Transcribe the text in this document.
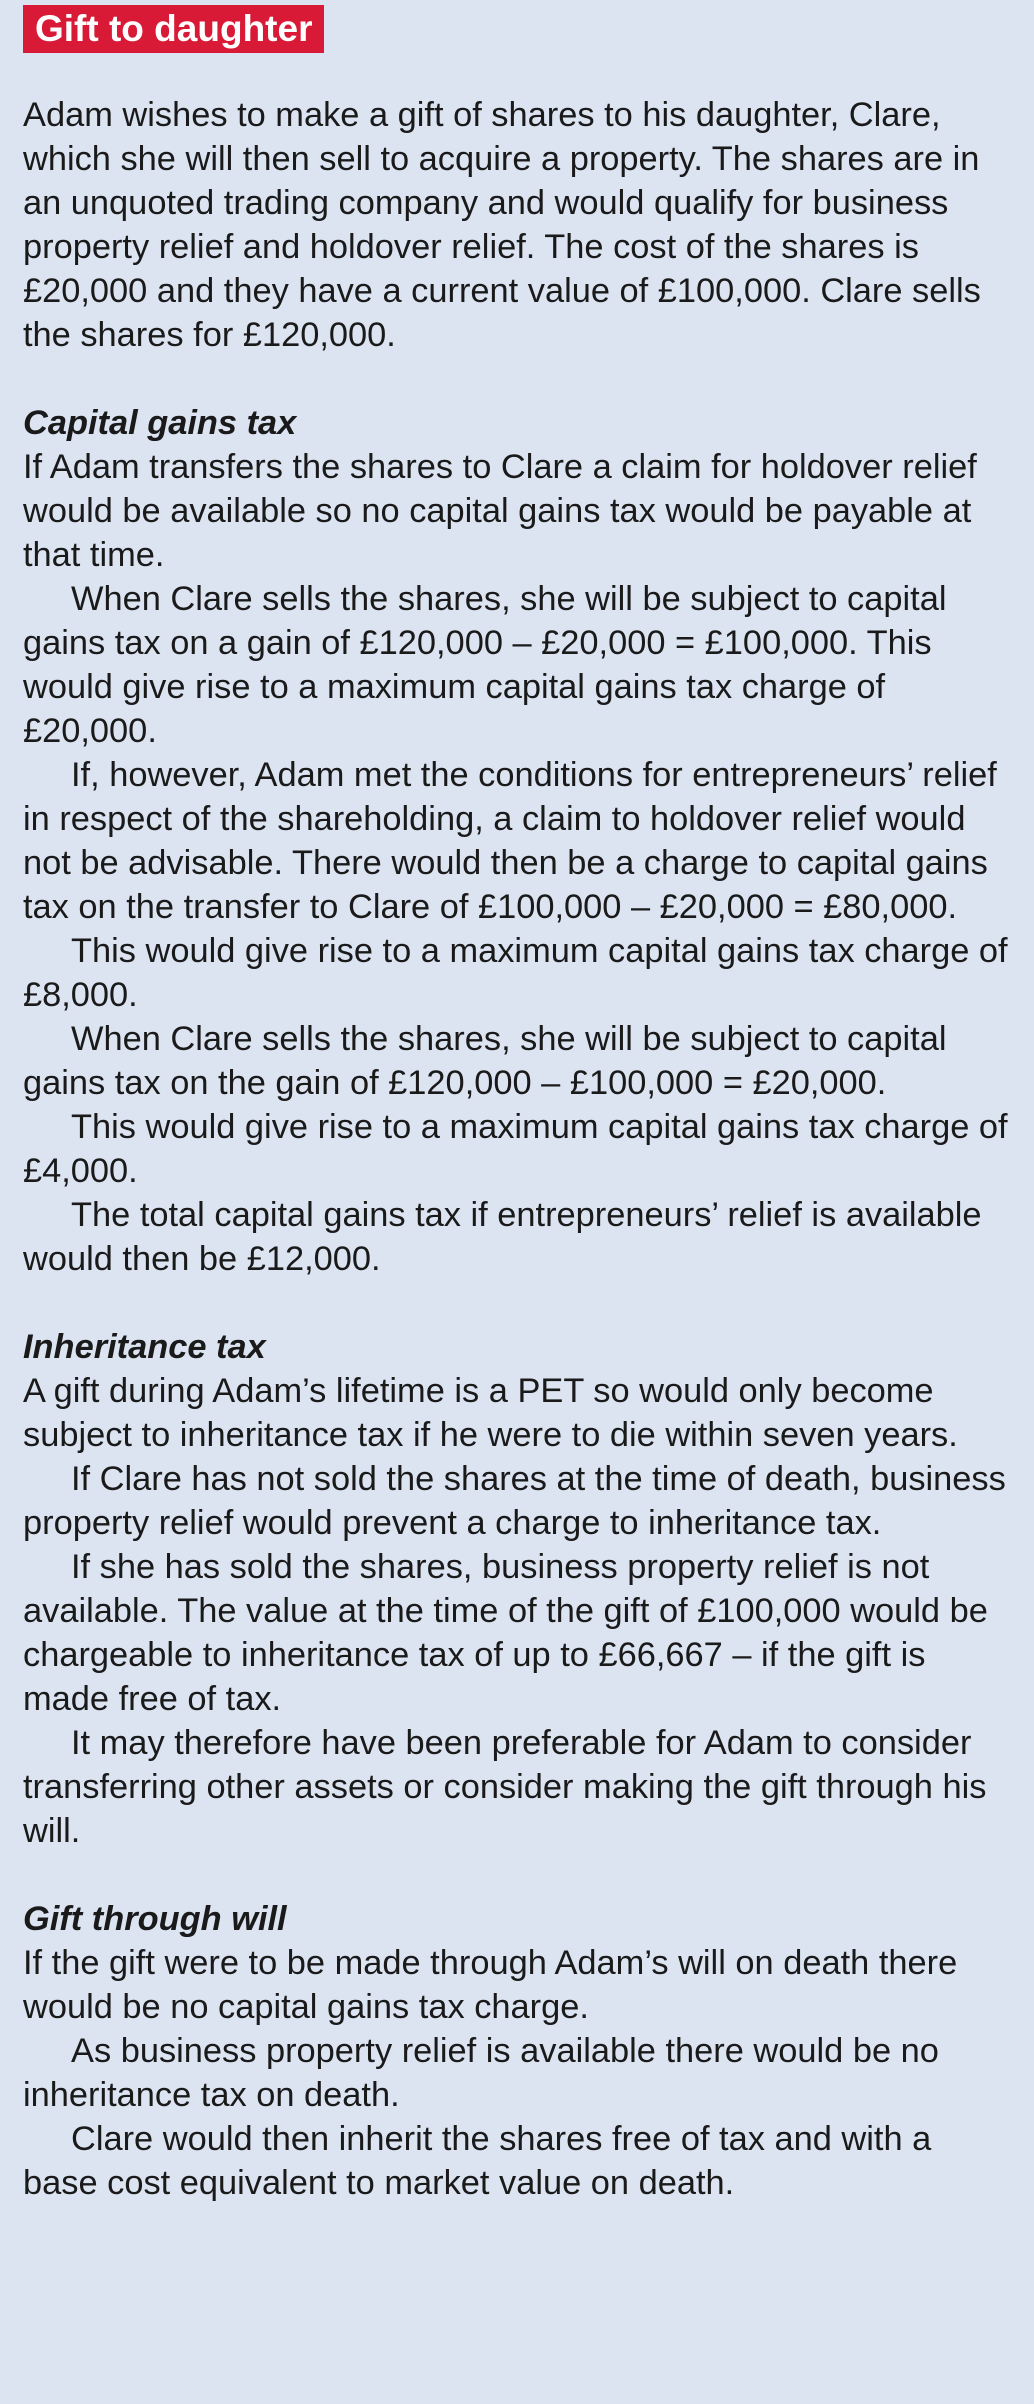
Gift to daughter

Adam wishes to make a gift of shares to his daughter, Clare, which she will then sell to acquire a property. The shares are in an unquoted trading company and would qualify for business property relief and holdover relief. The cost of the shares is £20,000 and they have a current value of £100,000. Clare sells the shares for £120,000.

Capital gains tax

If Adam transfers the shares to Clare a claim for holdover relief would be available so no capital gains tax would be payable at that time.

When Clare sells the shares, she will be subject to capital gains tax on a gain of £120,000 – £20,000 = £100,000. This would give rise to a maximum capital gains tax charge of £20,000.

If, however, Adam met the conditions for entrepreneurs’ relief in respect of the shareholding, a claim to holdover relief would not be advisable. There would then be a charge to capital gains tax on the transfer to Clare of £100,000 – £20,000 = £80,000.

This would give rise to a maximum capital gains tax charge of £8,000.

When Clare sells the shares, she will be subject to capital gains tax on the gain of £120,000 – £100,000 = £20,000.

This would give rise to a maximum capital gains tax charge of £4,000.

The total capital gains tax if entrepreneurs’ relief is available would then be £12,000.

Inheritance tax

A gift during Adam’s lifetime is a PET so would only become subject to inheritance tax if he were to die within seven years.

If Clare has not sold the shares at the time of death, business property relief would prevent a charge to inheritance tax.

If she has sold the shares, business property relief is not available. The value at the time of the gift of £100,000 would be chargeable to inheritance tax of up to £66,667 – if the gift is made free of tax.

It may therefore have been preferable for Adam to consider transferring other assets or consider making the gift through his will.

Gift through will

If the gift were to be made through Adam’s will on death there would be no capital gains tax charge.

As business property relief is available there would be no inheritance tax on death.

Clare would then inherit the shares free of tax and with a base cost equivalent to market value on death.
